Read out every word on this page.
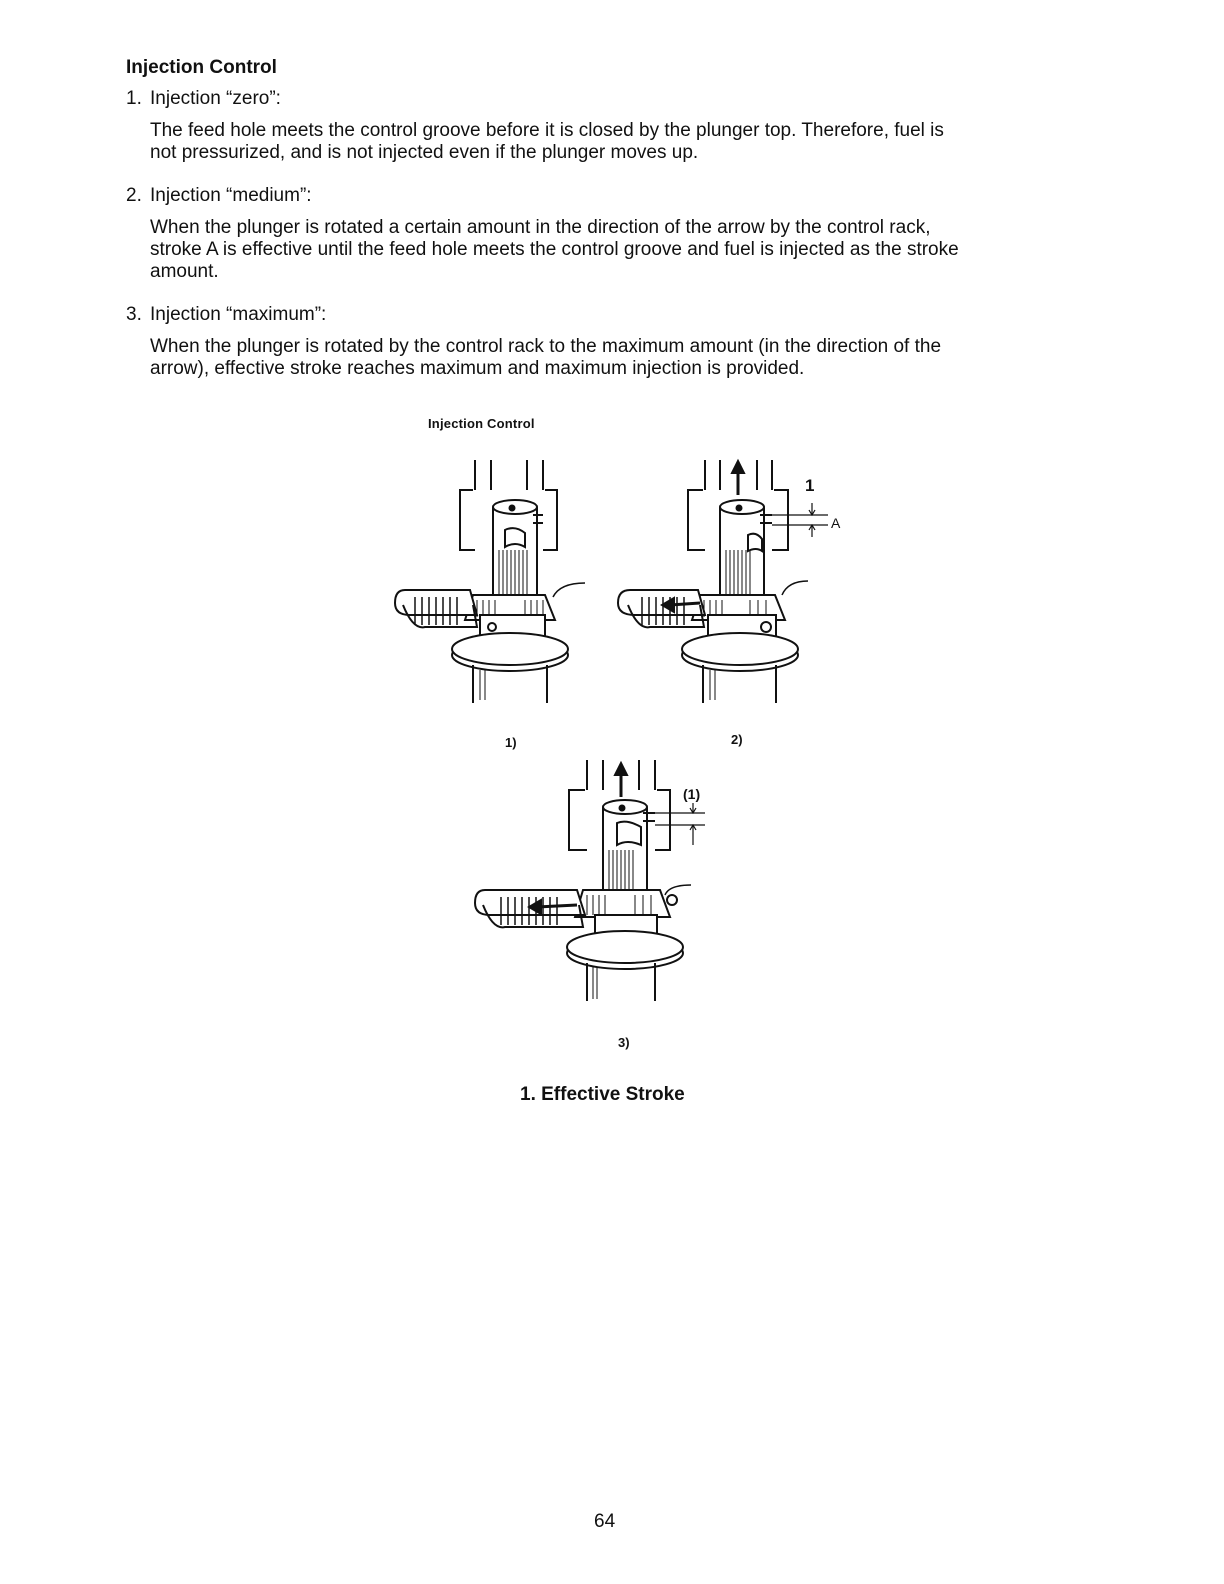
Injection Control
1. Injection “zero”:
The feed hole meets the control groove before it is closed by the plunger top. Therefore, fuel is not pressurized, and is not injected even if the plunger moves up.
2. Injection “medium”:
When the plunger is rotated a certain amount in the direction of the arrow by the control rack, stroke A is effective until the feed hole meets the control groove and fuel is injected as the stroke amount.
3. Injection “maximum”:
When the plunger is rotated by the control rack to the maximum amount (in the direction of the arrow), effective stroke reaches maximum and maximum injection is provided.
Injection Control
1
A
1)	2)
(1)
3)
1. Effective Stroke
64
